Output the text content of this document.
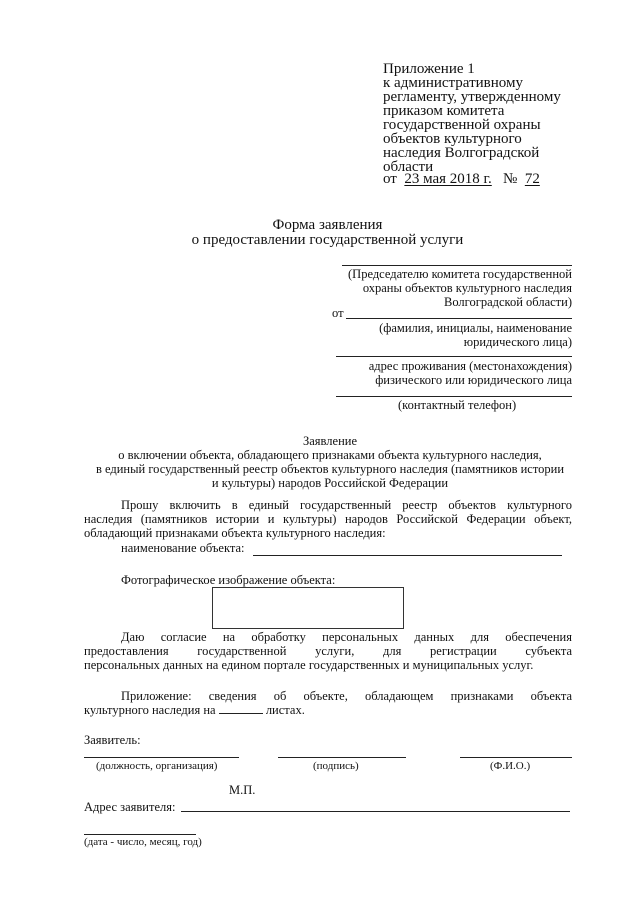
Приложение 1
к административному
регламенту, утвержденному
приказом комитета
государственной охраны
объектов культурного
наследия Волгоградской
области
от 23 мая 2018 г. № 72
Форма заявления
о предоставлении государственной услуги
(Председателю комитета государственной
охраны объектов культурного наследия
Волгоградской области)
от
(фамилия, инициалы, наименование
юридического лица)
адрес проживания (местонахождения)
физического или юридического лица
(контактный телефон)
Заявление
о включении объекта, обладающего признаками объекта культурного наследия,
в единый государственный реестр объектов культурного наследия (памятников истории
и культуры) народов Российской Федерации
Прошу включить в единый государственный реестр объектов культурного
наследия (памятников истории и культуры) народов Российской Федерации объект,
обладающий признаками объекта культурного наследия:
наименование объекта:
Фотографическое изображение объекта:
Даю согласие на обработку персональных данных для обеспечения
предоставления государственной услуги, для регистрации субъекта
персональных данных на едином портале государственных и муниципальных услуг.
Приложение: сведения об объекте, обладающем признаками объекта
культурного наследия на	листах.
Заявитель:
(должность, организация)	(подпись)	(Ф.И.О.)
М.П.
Адрес заявителя:
(дата - число, месяц, год)
